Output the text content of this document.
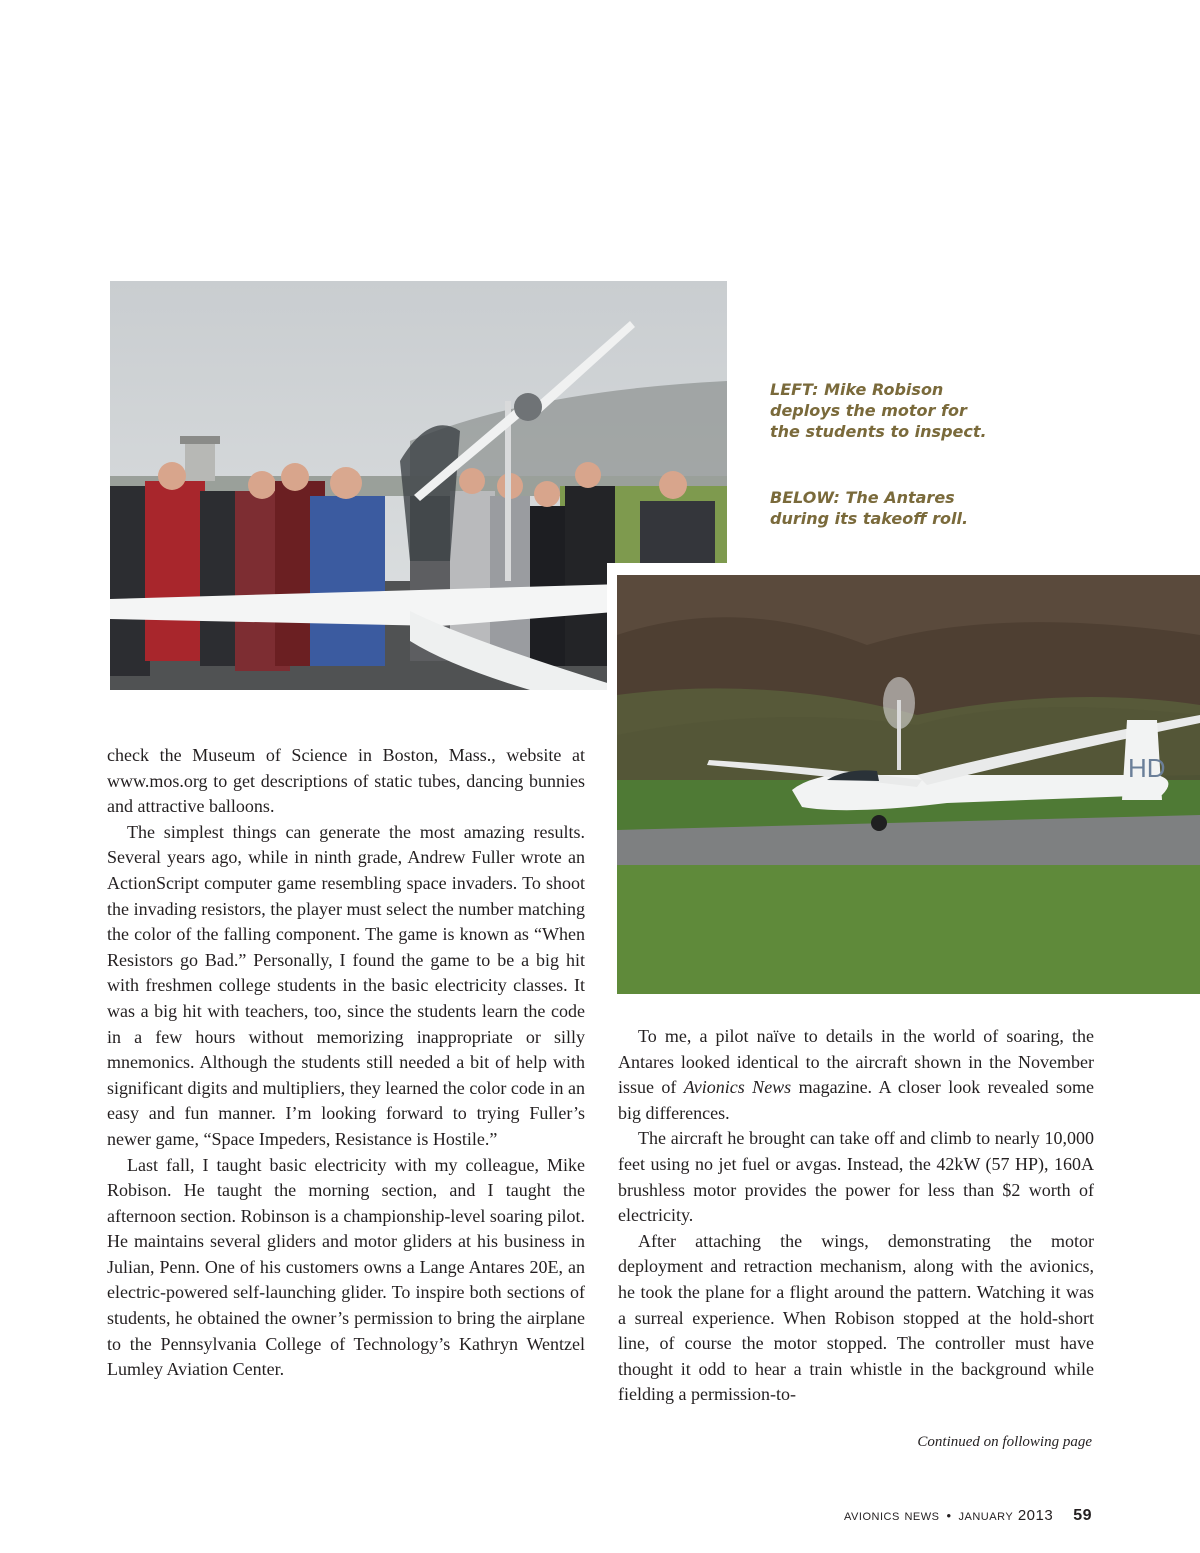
LEFT: Mike Robison deploys the motor for the students to inspect.
BELOW: The Antares during its takeoff roll.
HD

check the Museum of Science in Boston, Mass., website at www.mos.org to get descriptions of static tubes, dancing bunnies and attractive balloons.

The simplest things can generate the most amazing results. Several years ago, while in ninth grade, Andrew Fuller wrote an ActionScript computer game resembling space invaders. To shoot the invading resistors, the player must select the number matching the color of the falling component. The game is known as “When Resistors go Bad.” Personally, I found the game to be a big hit with freshmen college students in the basic electricity classes. It was a big hit with teachers, too, since the students learn the code in a few hours without memorizing inappropriate or silly mnemonics. Although the students still needed a bit of help with significant digits and multipliers, they learned the color code in an easy and fun manner. I’m looking forward to trying Fuller’s newer game, “Space Impeders, Resistance is Hostile.”

Last fall, I taught basic electricity with my colleague, Mike Robison. He taught the morning section, and I taught the afternoon section. Robinson is a championship-level soaring pilot. He maintains several gliders and motor gliders at his business in Julian, Penn. One of his customers owns a Lange Antares 20E, an electric-powered self-launching glider. To inspire both sections of students, he obtained the owner’s permission to bring the airplane to the Pennsylvania College of Technology’s Kathryn Wentzel Lumley Aviation Center.

To me, a pilot naïve to details in the world of soaring, the Antares looked identical to the aircraft shown in the November issue of Avionics News magazine. A closer look revealed some big differences.

The aircraft he brought can take off and climb to nearly 10,000 feet using no jet fuel or avgas. Instead, the 42kW (57 HP), 160A brushless motor provides the power for less than $2 worth of electricity.

After attaching the wings, demonstrating the motor deployment and retraction mechanism, along with the avionics, he took the plane for a flight around the pattern. Watching it was a surreal experience. When Robison stopped at the hold-short line, of course the motor stopped. The controller must have thought it odd to hear a train whistle in the background while fielding a permission-to-

Continued on following page
avionics news • january 2013 59
